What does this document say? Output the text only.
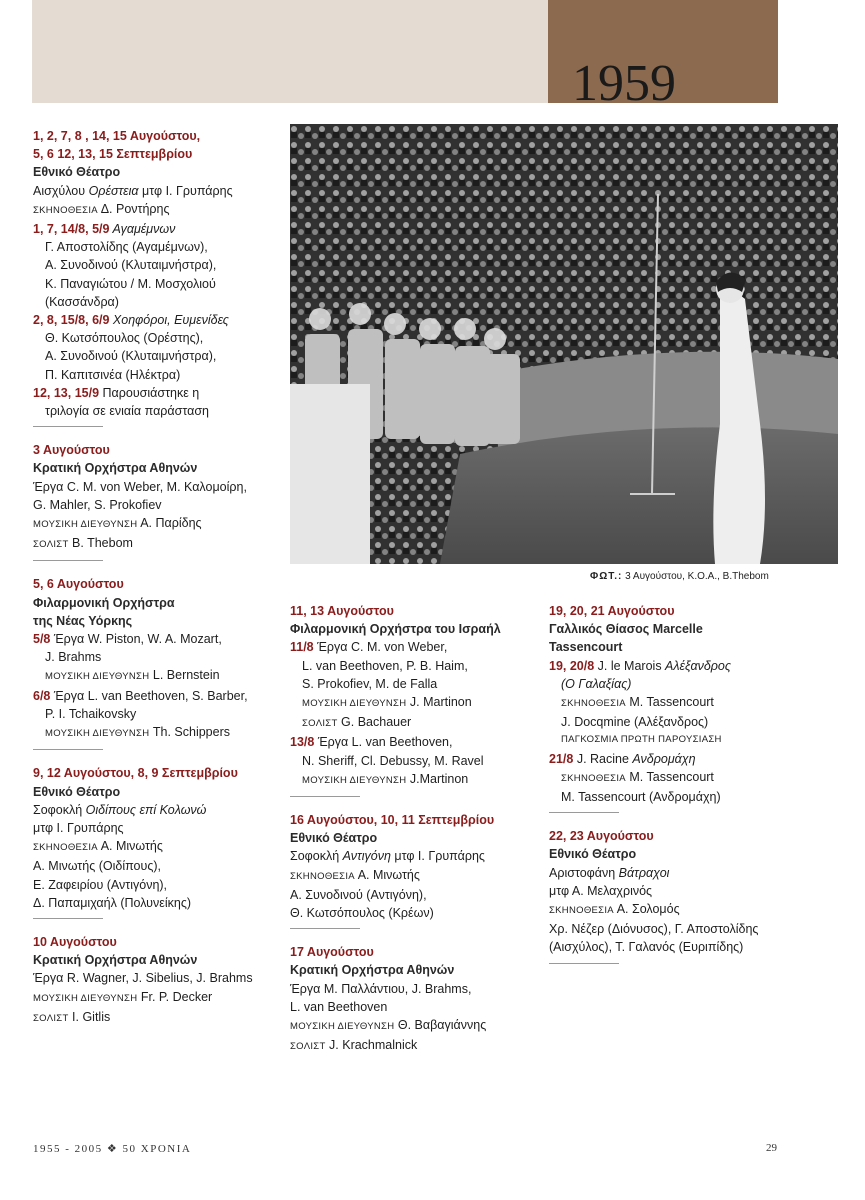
1959
ΦΩΤ.: 3 Αυγούστου, Κ.Ο.Α., B.Thebom
1, 2, 7, 8 , 14, 15 Αυγούστου,
5, 6 12, 13, 15 Σεπτεμβρίου
Εθνικό Θέατρο
Αισχύλου Ορέστεια μτφ Ι. Γρυπάρης
ΣΚΗΝΟΘΕΣΙΑ Δ. Ροντήρης
1, 7, 14/8, 5/9 Αγαμέμνων
Γ. Αποστολίδης (Αγαμέμνων),
Α. Συνοδινού (Κλυταιμνήστρα),
Κ. Παναγιώτου / Μ. Μοσχολιού
(Κασσάνδρα)
2, 8, 15/8, 6/9 Χοηφόροι, Ευμενίδες
Θ. Κωτσόπουλος (Ορέστης),
Α. Συνοδινού (Κλυταιμνήστρα),
Π. Καπιτσινέα (Ηλέκτρα)
12, 13, 15/9 Παρουσιάστηκε η
τριλογία σε ενιαία παράσταση
3 Αυγούστου
Κρατική Ορχήστρα Αθηνών
Έργα C. M. von Weber, Μ. Καλομοίρη,
G. Mahler, S. Prokofiev
ΜΟΥΣΙΚΗ ΔΙΕΥΘΥΝΣΗ Α. Παρίδης
ΣΟΛΙΣΤ B. Thebom
5, 6 Αυγούστου
Φιλαρμονική Ορχήστρα
της Νέας Υόρκης
5/8 Έργα W. Piston, W. A. Mozart,
J. Brahms
ΜΟΥΣΙΚΗ ΔΙΕΥΘΥΝΣΗ L. Bernstein
6/8 Έργα L. van Beethoven, S. Barber,
P. I. Tchaikovsky
ΜΟΥΣΙΚΗ ΔΙΕΥΘΥΝΣΗ Th. Schippers
9, 12 Αυγούστου, 8, 9 Σεπτεμβρίου
Εθνικό Θέατρο
Σοφοκλή Οιδίπους επί Κολωνώ
μτφ Ι. Γρυπάρης
ΣΚΗΝΟΘΕΣΙΑ Α. Μινωτής
Α. Μινωτής (Οιδίπους),
Ε. Ζαφειρίου (Αντιγόνη),
Δ. Παπαμιχαήλ (Πολυνείκης)
10 Αυγούστου
Κρατική Ορχήστρα Αθηνών
Έργα R. Wagner, J. Sibelius, J. Brahms
ΜΟΥΣΙΚΗ ΔΙΕΥΘΥΝΣΗ Fr. P. Decker
ΣΟΛΙΣΤ I. Gitlis
11, 13 Αυγούστου
Φιλαρμονική Ορχήστρα του Ισραήλ
11/8 Έργα C. M. von Weber,
L. van Beethoven, P. B. Haim,
S. Prokofiev, M. de Falla
ΜΟΥΣΙΚΗ ΔΙΕΥΘΥΝΣΗ J. Martinon
ΣΟΛΙΣΤ G. Bachauer
13/8 Έργα L. van Beethoven,
N. Sheriff, Cl. Debussy, M. Ravel
ΜΟΥΣΙΚΗ ΔΙΕΥΘΥΝΣΗ J.Martinon
16 Αυγούστου, 10, 11 Σεπτεμβρίου
Εθνικό Θέατρο
Σοφοκλή Αντιγόνη μτφ Ι. Γρυπάρης
ΣΚΗΝΟΘΕΣΙΑ Α. Μινωτής
Α. Συνοδινού (Αντιγόνη),
Θ. Κωτσόπουλος (Κρέων)
17 Αυγούστου
Κρατική Ορχήστρα Αθηνών
Έργα Μ. Παλλάντιου, J. Brahms,
L. van Beethoven
ΜΟΥΣΙΚΗ ΔΙΕΥΘΥΝΣΗ Θ. Βαβαγιάννης
ΣΟΛΙΣΤ J. Krachmalnick
19, 20, 21 Αυγούστου
Γαλλικός Θίασος Marcelle
Tassencourt
19, 20/8 J. le Marois Αλέξανδρος
(Ο Γαλαξίας)
ΣΚΗΝΟΘΕΣΙΑ M. Tassencourt
J. Docqmine (Αλέξανδρος)
ΠΑΓΚΟΣΜΙΑ ΠΡΩΤΗ ΠΑΡΟΥΣΙΑΣΗ
21/8 J. Racine Ανδρομάχη
ΣΚΗΝΟΘΕΣΙΑ M. Tassencourt
M. Tassencourt (Ανδρομάχη)
22, 23 Αυγούστου
Εθνικό Θέατρο
Αριστοφάνη Βάτραχοι
μτφ Α. Μελαχρινός
ΣΚΗΝΟΘΕΣΙΑ Α. Σολομός
Χρ. Νέζερ (Διόνυσος), Γ. Αποστολίδης
(Αισχύλος), Τ. Γαλανός (Ευριπίδης)
1955 - 2005 ❖ 50 ΧΡΟΝΙΑ	29
